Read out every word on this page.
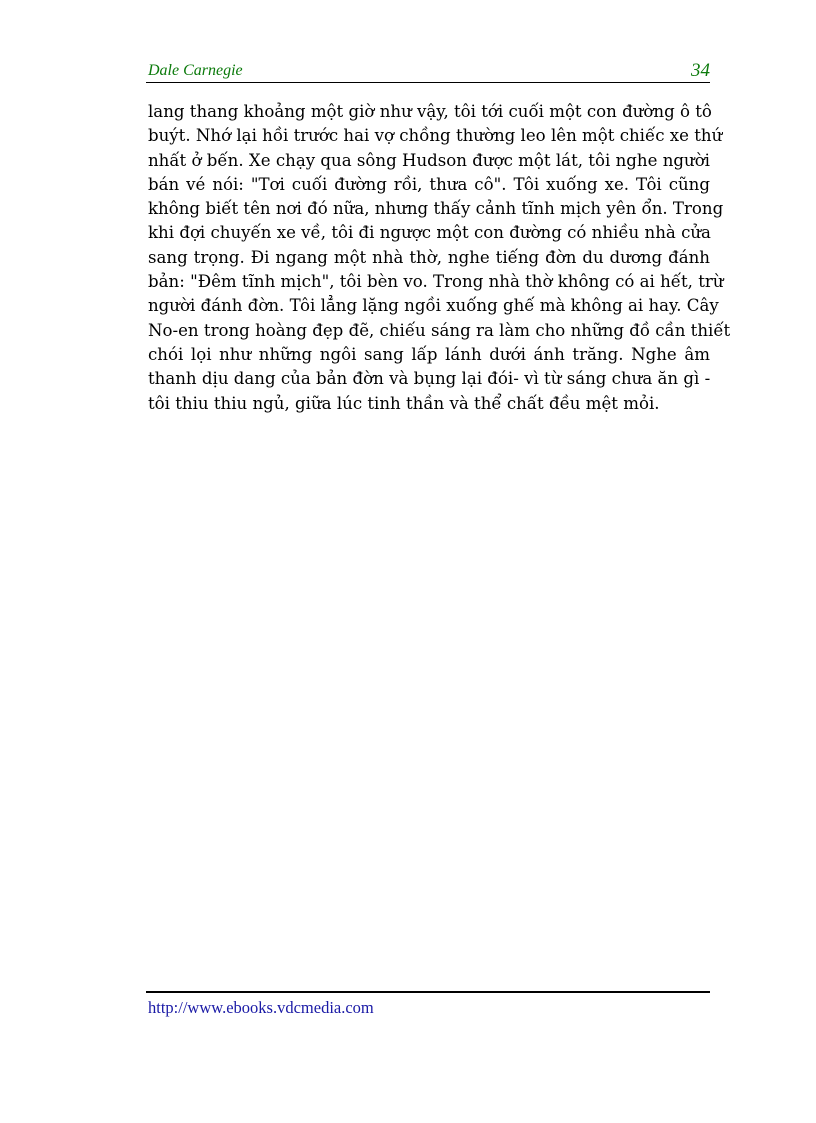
Dale Carnegie	34

lang thang khoảng một giờ như vậy, tôi tới cuối một con đường ô tô
buýt. Nhớ lại hồi trước hai vợ chồng thường leo lên một chiếc xe thứ
nhất ở bến. Xe chạy qua sông Hudson được một lát, tôi nghe người
bán vé nói: "Tơi cuối đường rồi, thưa cô". Tôi xuống xe. Tôi cũng
không biết tên nơi đó nữa, nhưng thấy cảnh tĩnh mịch yên ổn. Trong
khi đợi chuyến xe về, tôi đi ngược một con đường có nhiều nhà cửa
sang trọng. Đi ngang một nhà thờ, nghe tiếng đờn du dương đánh
bản: "Đêm tĩnh mịch", tôi bèn vo. Trong nhà thờ không có ai hết, trừ
người đánh đờn. Tôi lẳng lặng ngồi xuống ghế mà không ai hay. Cây
No-en trong hoàng đẹp đẽ, chiếu sáng ra làm cho những đồ cần thiết
chói lọi như những ngôi sang lấp lánh dưới ánh trăng. Nghe âm
thanh dịu dang của bản đờn và bụng lại đói- vì từ sáng chưa ăn gì -
tôi thiu thiu ngủ, giữa lúc tinh thần và thể chất đều mệt mỏi.

http://www.ebooks.vdcmedia.com
